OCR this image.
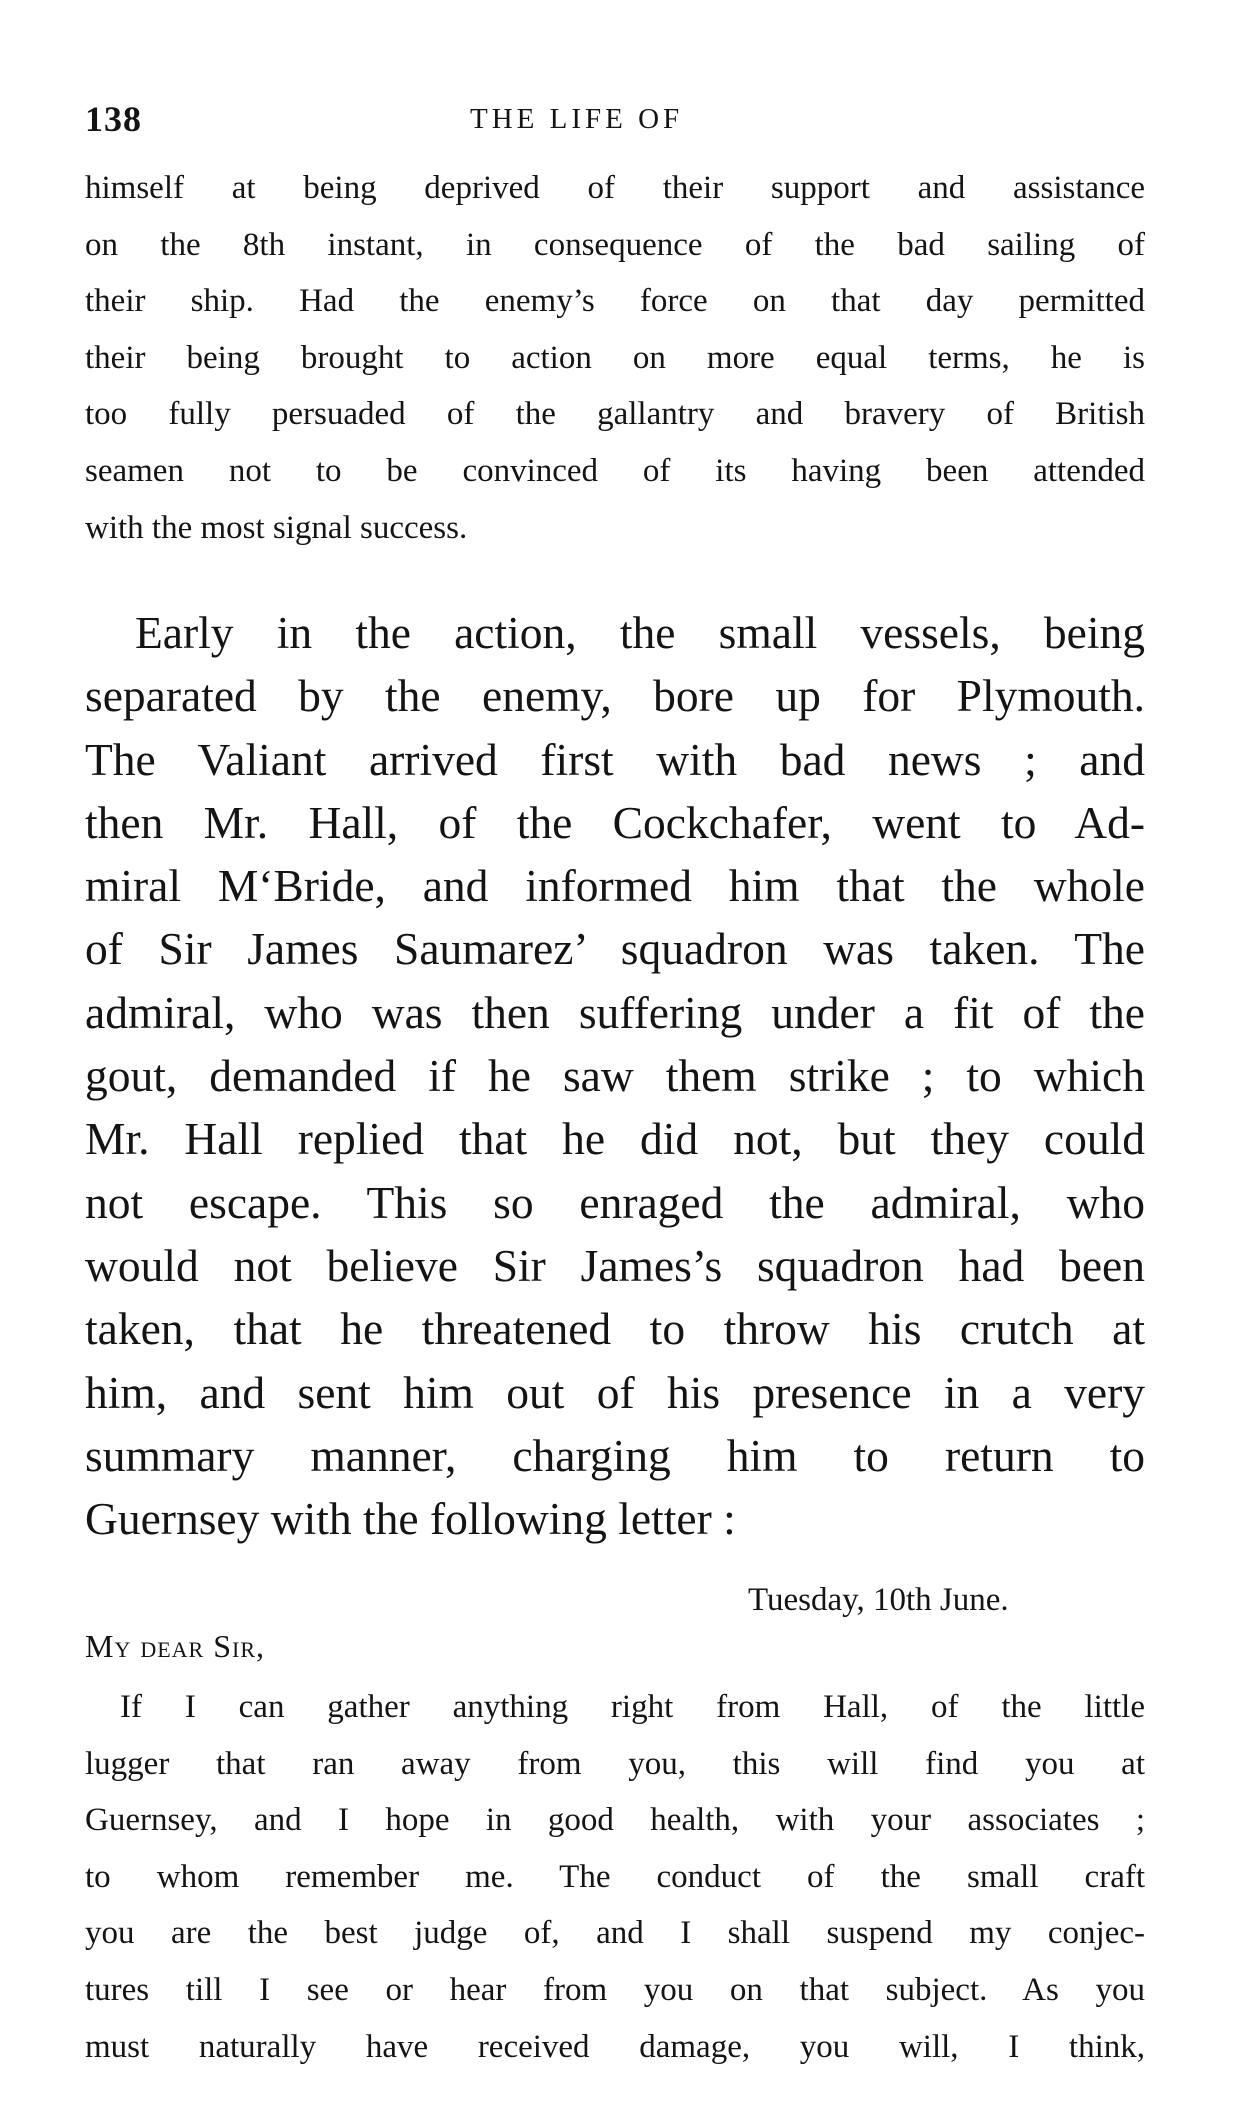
138	THE LIFE OF
himself at being deprived of their support and assistance
on the 8th instant, in consequence of the bad sailing of
their ship. Had the enemy’s force on that day permitted
their being brought to action on more equal terms, he is
too fully persuaded of the gallantry and bravery of British
seamen not to be convinced of its having been attended
with the most signal success.
Early in the action, the small vessels, being
separated by the enemy, bore up for Plymouth.
The Valiant arrived first with bad news ; and
then Mr. Hall, of the Cockchafer, went to Ad-
miral M‘Bride, and informed him that the whole
of Sir James Saumarez’ squadron was taken. The
admiral, who was then suffering under a fit of the
gout, demanded if he saw them strike ; to which
Mr. Hall replied that he did not, but they could
not escape. This so enraged the admiral, who
would not believe Sir James’s squadron had been
taken, that he threatened to throw his crutch at
him, and sent him out of his presence in a very
summary manner, charging him to return to
Guernsey with the following letter :
Tuesday, 10th June.
My dear Sir,
If I can gather anything right from Hall, of the little
lugger that ran away from you, this will find you at
Guernsey, and I hope in good health, with your associates ;
to whom remember me. The conduct of the small craft
you are the best judge of, and I shall suspend my conjec-
tures till I see or hear from you on that subject. As you
must naturally have received damage, you will, I think,
